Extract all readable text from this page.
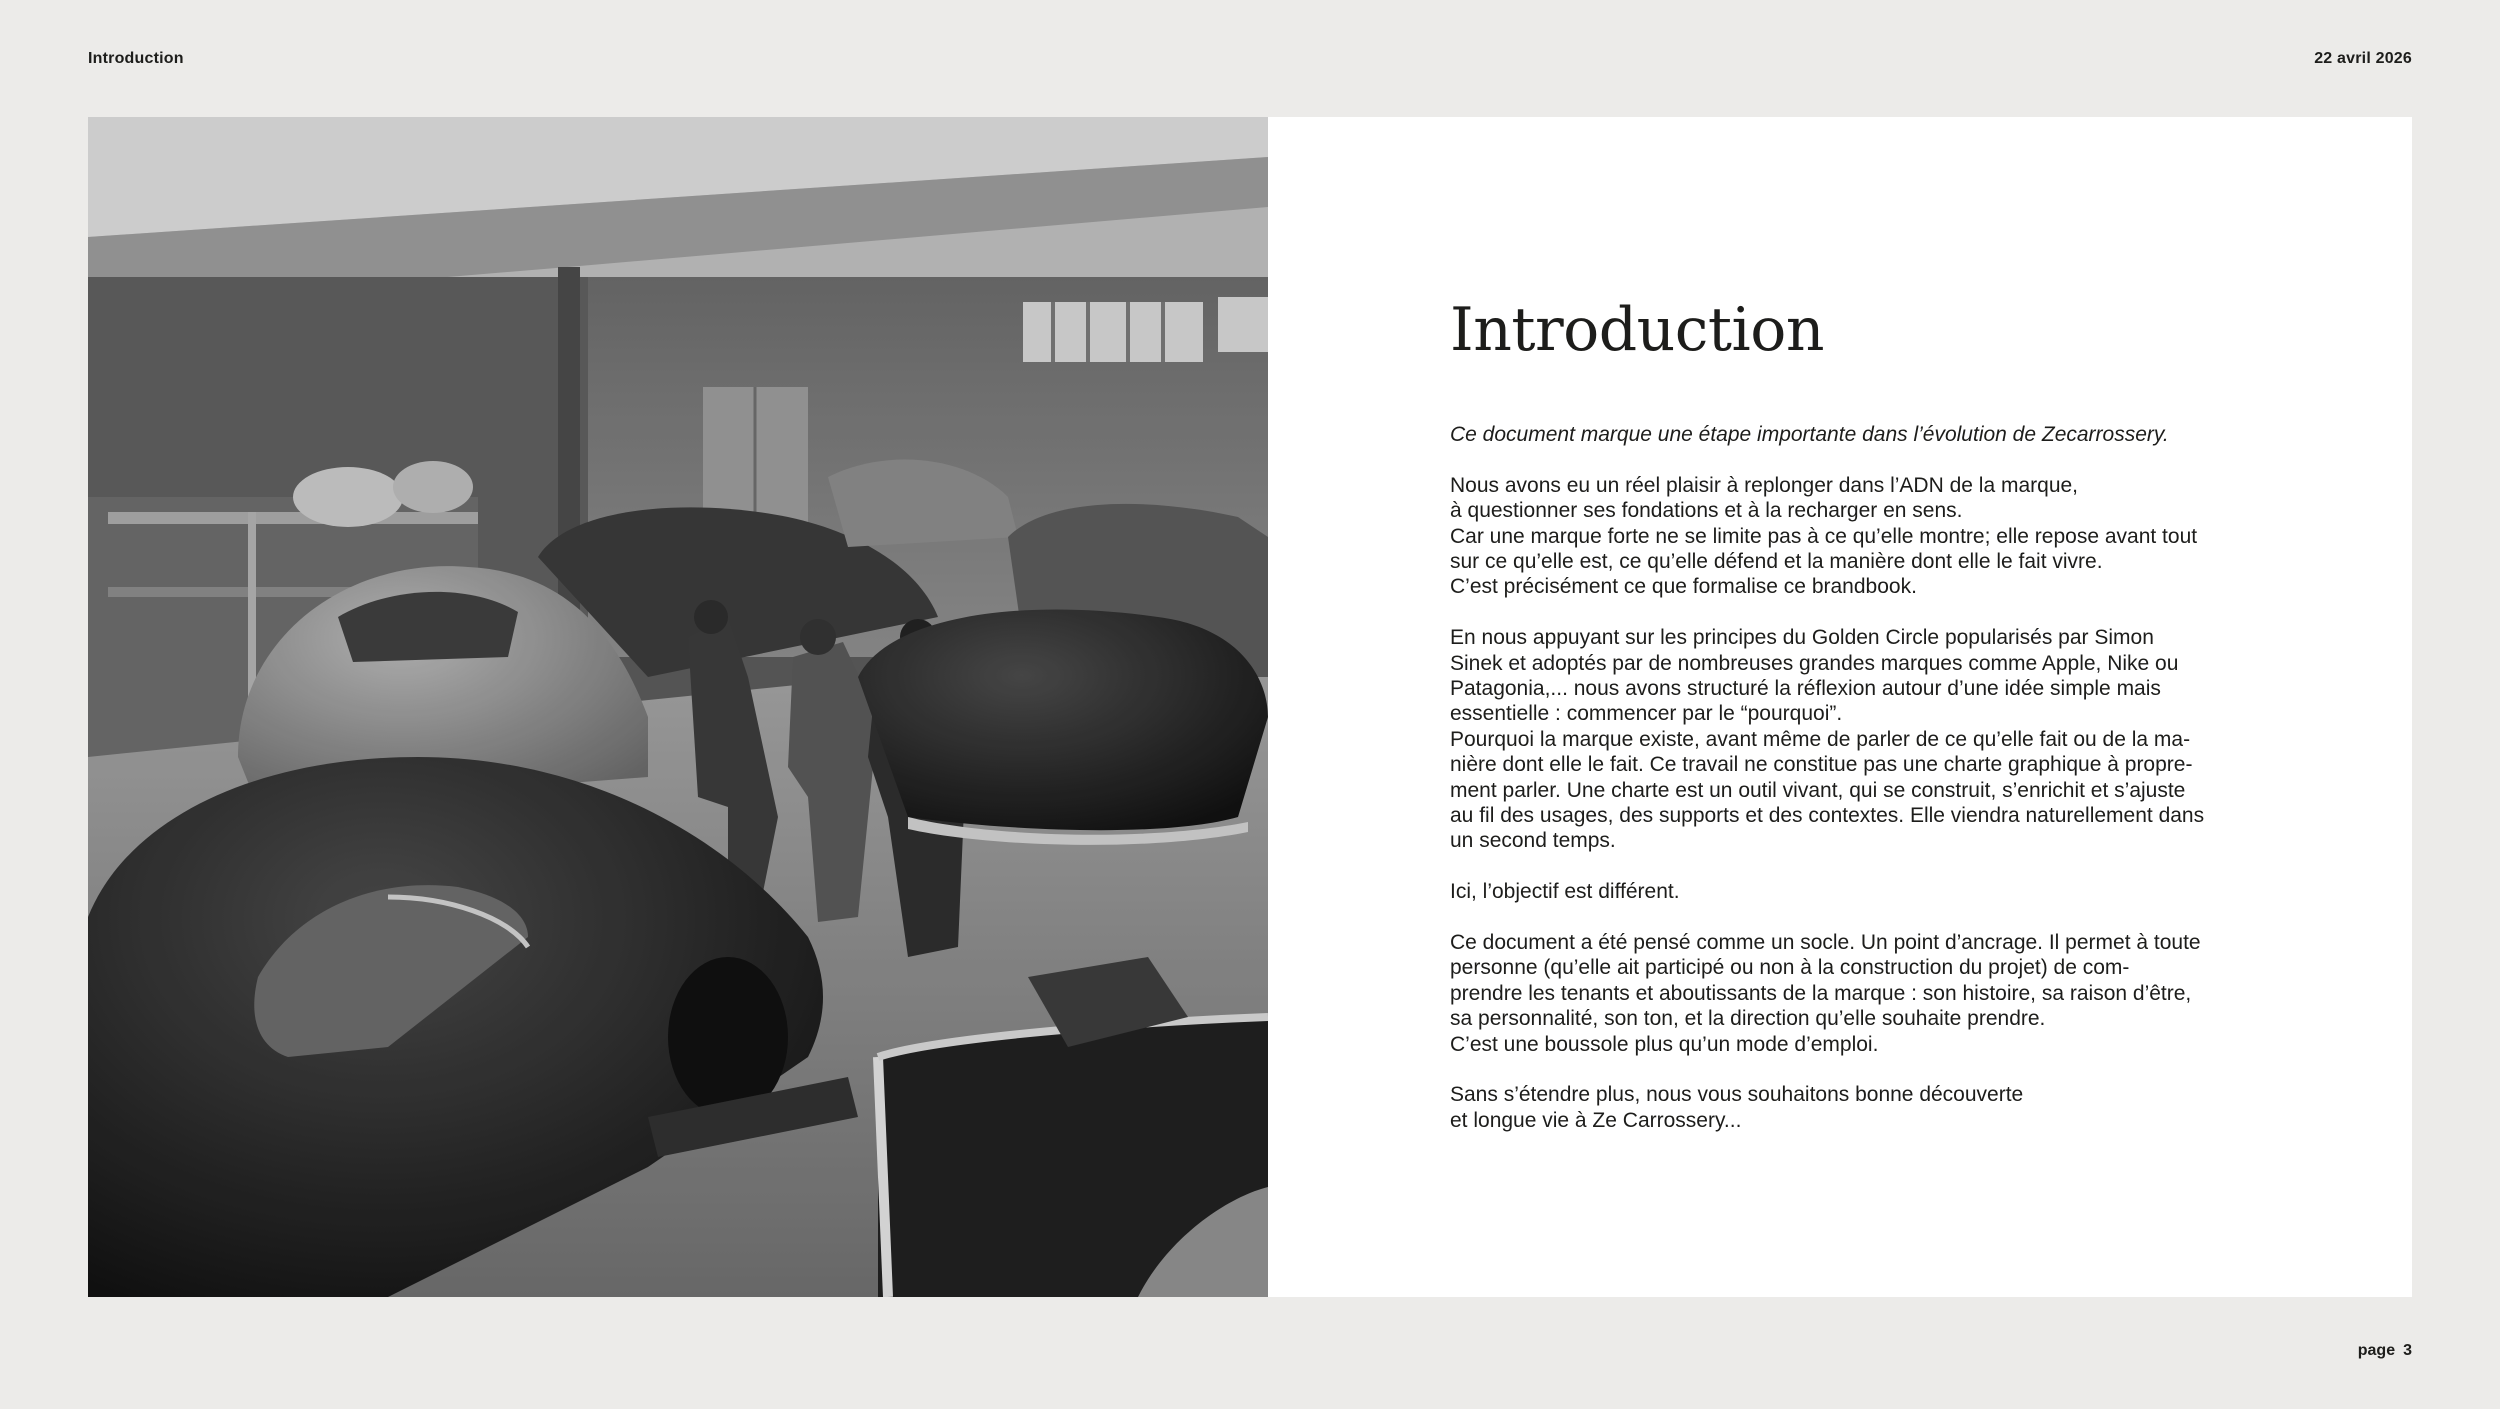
Introduction	22 avril 2026
Introduction

Ce document marque une étape importante dans l’évolution de Zecarrossery.

Nous avons eu un réel plaisir à replonger dans l’ADN de la marque,
à questionner ses fondations et à la recharger en sens.
Car une marque forte ne se limite pas à ce qu’elle montre; elle repose avant tout
sur ce qu’elle est, ce qu’elle défend et la manière dont elle le fait vivre.
C’est précisément ce que formalise ce brandbook.

En nous appuyant sur les principes du Golden Circle popularisés par Simon
Sinek et adoptés par de nombreuses grandes marques comme Apple, Nike ou
Patagonia,... nous avons structuré la réflexion autour d’une idée simple mais
essentielle : commencer par le “pourquoi”.
Pourquoi la marque existe, avant même de parler de ce qu’elle fait ou de la ma-
nière dont elle le fait. Ce travail ne constitue pas une charte graphique à propre-
ment parler. Une charte est un outil vivant, qui se construit, s’enrichit et s’ajuste
au fil des usages, des supports et des contextes. Elle viendra naturellement dans
un second temps.

Ici, l’objectif est différent.

Ce document a été pensé comme un socle. Un point d’ancrage. Il permet à toute
personne (qu’elle ait participé ou non à la construction du projet) de com-
prendre les tenants et aboutissants de la marque : son histoire, sa raison d’être,
sa personnalité, son ton, et la direction qu’elle souhaite prendre.
C’est une boussole plus qu’un mode d’emploi.

Sans s’étendre plus, nous vous souhaitons bonne découverte
et longue vie à Ze Carrossery...

page 3
